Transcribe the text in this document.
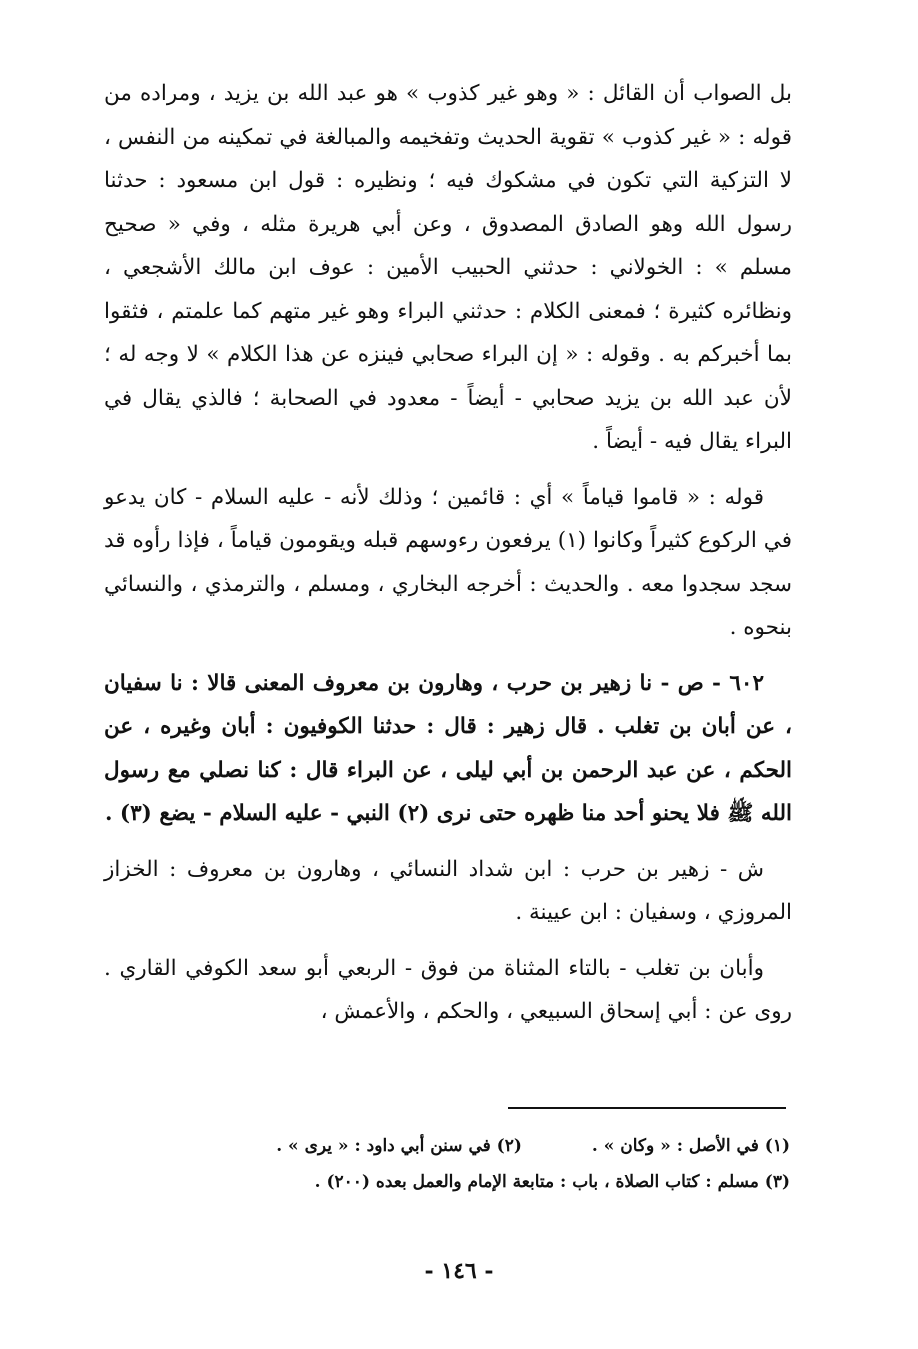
بل الصواب أن القائل : « وهو غير كذوب » هو عبد الله بن يزيد ، ومراده من قوله : « غير كذوب » تقوية الحديث وتفخيمه والمبالغة في تمكينه من النفس ، لا التزكية التي تكون في مشكوك فيه ؛ ونظيره : قول ابن مسعود : حدثنا رسول الله وهو الصادق المصدوق ، وعن أبي هريرة مثله ، وفي « صحيح مسلم » : الخولاني : حدثني الحبيب الأمين : عوف ابن مالك الأشجعي ، ونظائره كثيرة ؛ فمعنى الكلام : حدثني البراء وهو غير متهم كما علمتم ، فثقوا بما أخبركم به . وقوله : « إن البراء صحابي فينزه عن هذا الكلام » لا وجه له ؛ لأن عبد الله بن يزيد صحابي - أيضاً - معدود في الصحابة ؛ فالذي يقال في البراء يقال فيه - أيضاً .

قوله : « قاموا قياماً » أي : قائمين ؛ وذلك لأنه - عليه السلام - كان يدعو في الركوع كثيراً وكانوا (١) يرفعون رءوسهم قبله ويقومون قياماً ، فإذا رأوه قد سجد سجدوا معه . والحديث : أخرجه البخاري ، ومسلم ، والترمذي ، والنسائي بنحوه .

٦٠٢ - ص - نا زهير بن حرب ، وهارون بن معروف المعنى قالا : نا سفيان ، عن أبان بن تغلب . قال زهير : قال : حدثنا الكوفيون : أبان وغيره ، عن الحكم ، عن عبد الرحمن بن أبي ليلى ، عن البراء قال : كنا نصلي مع رسول الله ﷺ فلا يحنو أحد منا ظهره حتى نرى (٢) النبي - عليه السلام - يضع (٣) .

ش - زهير بن حرب : ابن شداد النسائي ، وهارون بن معروف : الخزاز المروزي ، وسفيان : ابن عيينة .

وأبان بن تغلب - بالتاء المثناة من فوق - الربعي أبو سعد الكوفي القاري . روى عن : أبي إسحاق السبيعي ، والحكم ، والأعمش ،

(١) في الأصل : « وكان » .
(٢) في سنن أبي داود : « يرى » .
(٣) مسلم : كتاب الصلاة ، باب : متابعة الإمام والعمل بعده (٢٠٠) .
- ١٤٦ -
